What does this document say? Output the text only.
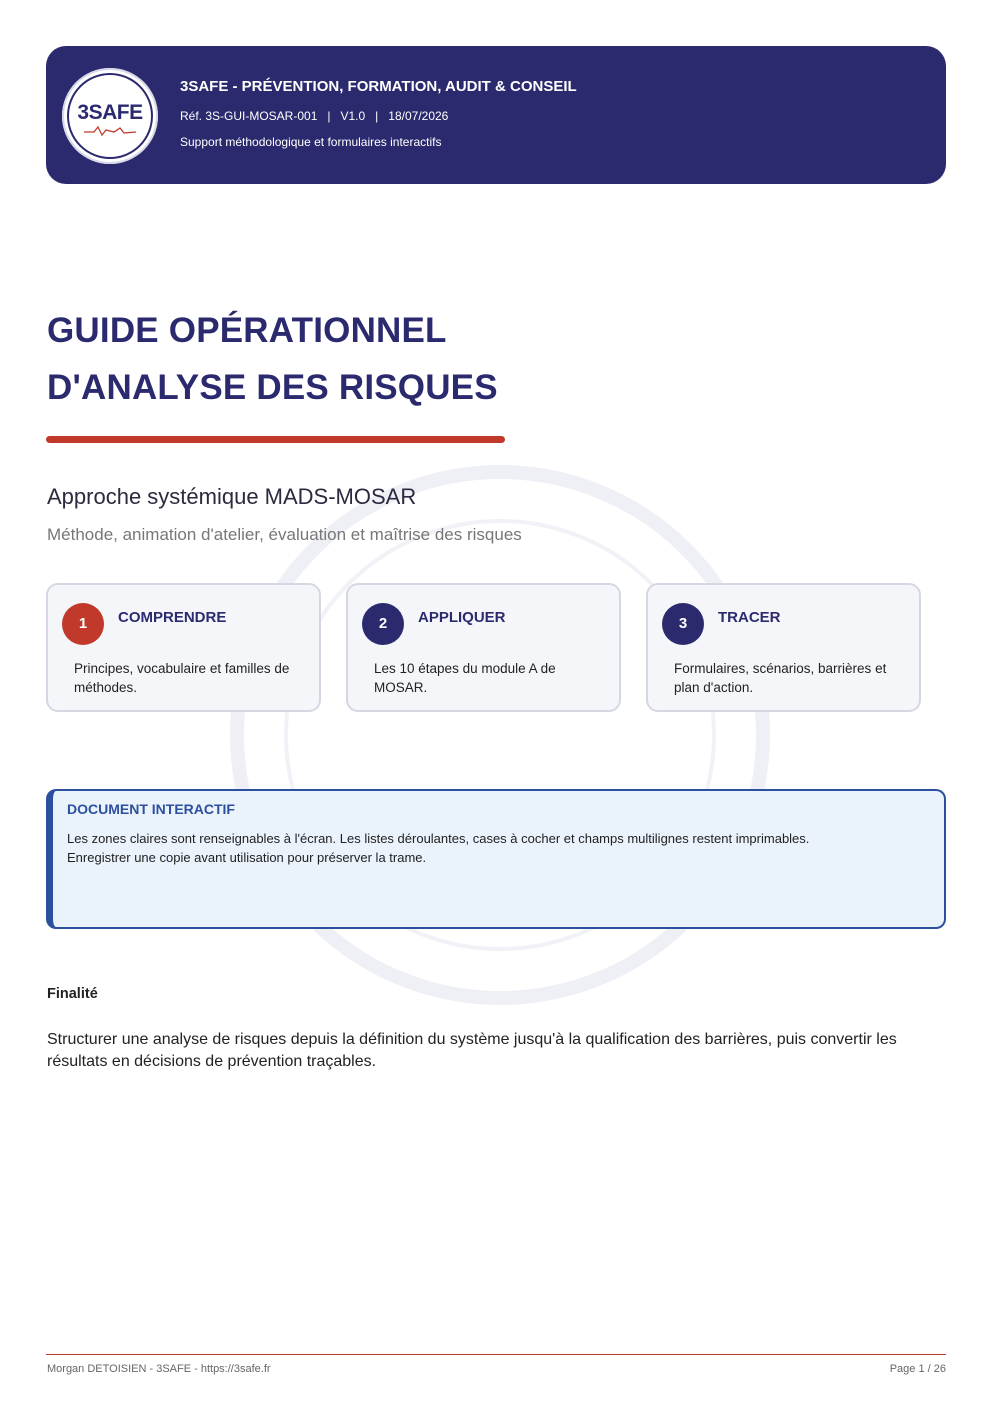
3SAFE
3SAFE - PRÉVENTION, FORMATION, AUDIT & CONSEIL
Réf. 3S-GUI-MOSAR-001   |   V1.0   |   18/07/2026
Support méthodologique et formulaires interactifs
GUIDE OPÉRATIONNEL
D'ANALYSE DES RISQUES
Approche systémique MADS-MOSAR
Méthode, animation d'atelier, évaluation et maîtrise des risques
1	COMPRENDRE
Principes, vocabulaire et familles de méthodes.
2	APPLIQUER
Les 10 étapes du module A de MOSAR.
3	TRACER
Formulaires, scénarios, barrières et plan d'action.
DOCUMENT INTERACTIF
Les zones claires sont renseignables à l'écran. Les listes déroulantes, cases à cocher et champs multilignes restent imprimables.
Enregistrer une copie avant utilisation pour préserver la trame.
Finalité
Structurer une analyse de risques depuis la définition du système jusqu'à la qualification des barrières, puis convertir les résultats en décisions de prévention traçables.
Morgan DETOISIEN - 3SAFE - https://3safe.fr	Page 1 / 26
